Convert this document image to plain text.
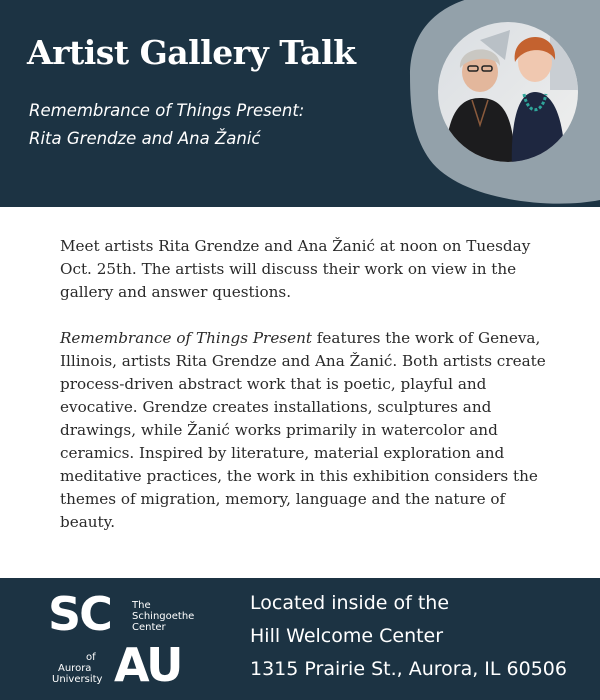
Artist Gallery Talk
Remembrance of Things Present:
Rita Grendze and Ana Žanić

Meet artists Rita Grendze and Ana Žanić at noon on Tuesday Oct. 25th. The artists will discuss their work on view in the gallery and answer questions.

Remembrance of Things Present features the work of Geneva, Illinois, artists Rita Grendze and Ana Žanić. Both artists create process-driven abstract work that is poetic, playful and evocative. Grendze creates installations, sculptures and drawings, while Žanić works primarily in watercolor and ceramics. Inspired by literature, material exploration and meditative practices, the work in this exhibition considers the themes of migration, memory, language and the nature of beauty.

SC The
Schingoethe
Center
of
Aurora
University AU
Located inside of the
Hill Welcome Center
1315 Prairie St., Aurora, IL 60506
